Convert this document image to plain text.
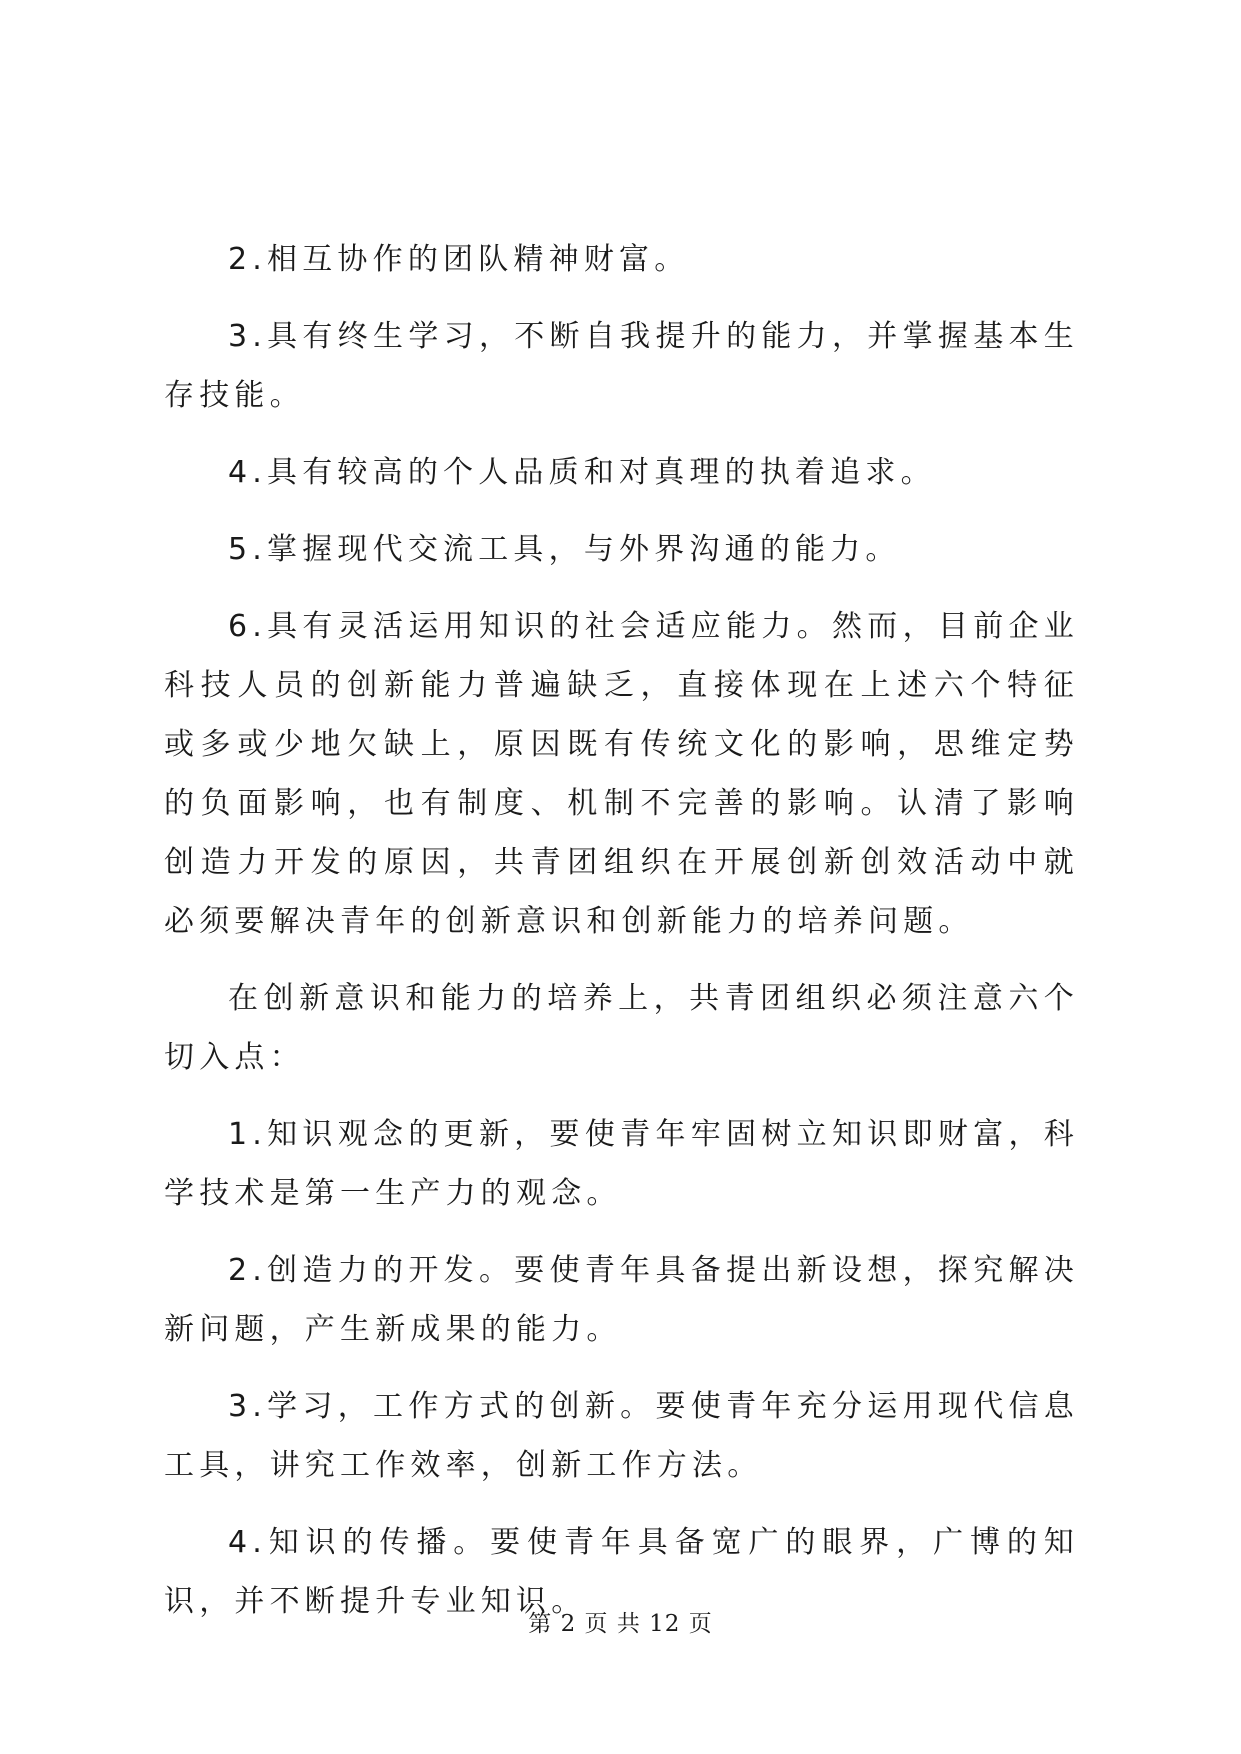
2.相互协作的团队精神财富。

3.具有终生学习，不断自我提升的能力，并掌握基本生存技能。

4.具有较高的个人品质和对真理的执着追求。

5.掌握现代交流工具，与外界沟通的能力。

6.具有灵活运用知识的社会适应能力。然而，目前企业科技人员的创新能力普遍缺乏，直接体现在上述六个特征或多或少地欠缺上，原因既有传统文化的影响，思维定势的负面影响，也有制度、机制不完善的影响。认清了影响创造力开发的原因，共青团组织在开展创新创效活动中就必须要解决青年的创新意识和创新能力的培养问题。

在创新意识和能力的培养上，共青团组织必须注意六个切入点：

1.知识观念的更新，要使青年牢固树立知识即财富，科学技术是第一生产力的观念。

2.创造力的开发。要使青年具备提出新设想，探究解决新问题，产生新成果的能力。

3.学习，工作方式的创新。要使青年充分运用现代信息工具，讲究工作效率，创新工作方法。

4.知识的传播。要使青年具备宽广的眼界，广博的知识，并不断提升专业知识。

第 2 页 共 12 页
